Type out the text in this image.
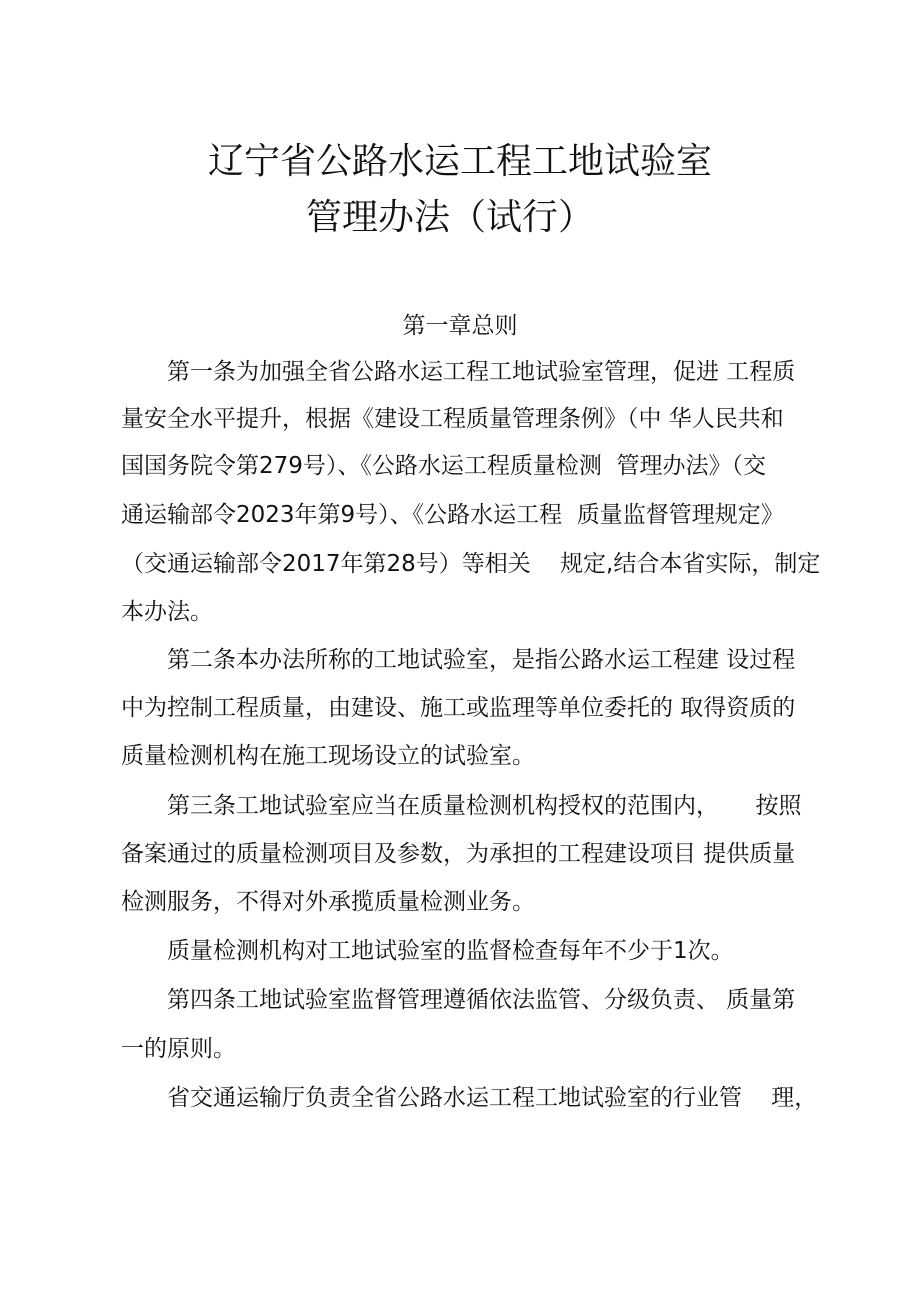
辽宁省公路水运工程工地试验室
管理办法（试行）
第一章总则
第一条为加强全省公路水运工程工地试验室管理，促进 工程质
量安全水平提升，根据《建设工程质量管理条例》（中 华人民共和
国国务院令第279号）、《公路水运工程质量检测  管理办法》（交
通运输部令2023年第9号）、《公路水运工程  质量监督管理规定》
（交通运输部令2017年第28号）等相关    规定,结合本省实际，制定
本办法。
第二条本办法所称的工地试验室，是指公路水运工程建 设过程
中为控制工程质量，由建设、施工或监理等单位委托的 取得资质的
质量检测机构在施工现场设立的试验室。
第三条工地试验室应当在质量检测机构授权的范围内，     按照
备案通过的质量检测项目及参数，为承担的工程建设项目 提供质量
检测服务，不得对外承揽质量检测业务。
质量检测机构对工地试验室的监督检查每年不少于1次。
第四条工地试验室监督管理遵循依法监管、分级负责、 质量第
一的原则。
省交通运输厅负责全省公路水运工程工地试验室的行业管    理，
